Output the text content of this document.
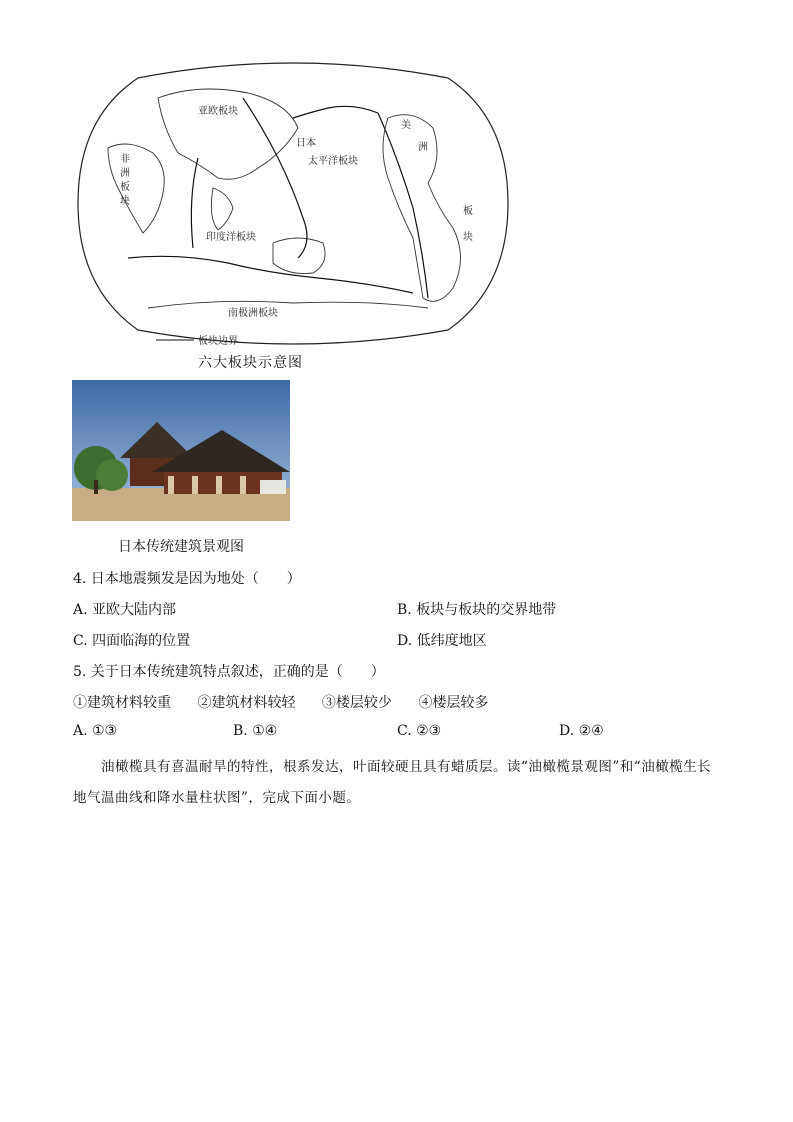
亚欧板块
非
洲
板
块
日本
太平洋板块
美
洲
板
块
印度洋板块
南极洲板块
板块边界
六大板块示意图
日本传统建筑景观图
4. 日本地震频发是因为地处（　　）
A. 亚欧大陆内部	B. 板块与板块的交界地带
C. 四面临海的位置	D. 低纬度地区
5. 关于日本传统建筑特点叙述，正确的是（　　）
①建筑材料较重 ②建筑材料较轻 ③楼层较少 ④楼层较多
A. ①③	B. ①④	C. ②③	D. ②④
油橄榄具有喜温耐旱的特性，根系发达，叶面较硬且具有蜡质层。读“油橄榄景观图”和“油橄榄生长地气温曲线和降水量柱状图”，完成下面小题。
